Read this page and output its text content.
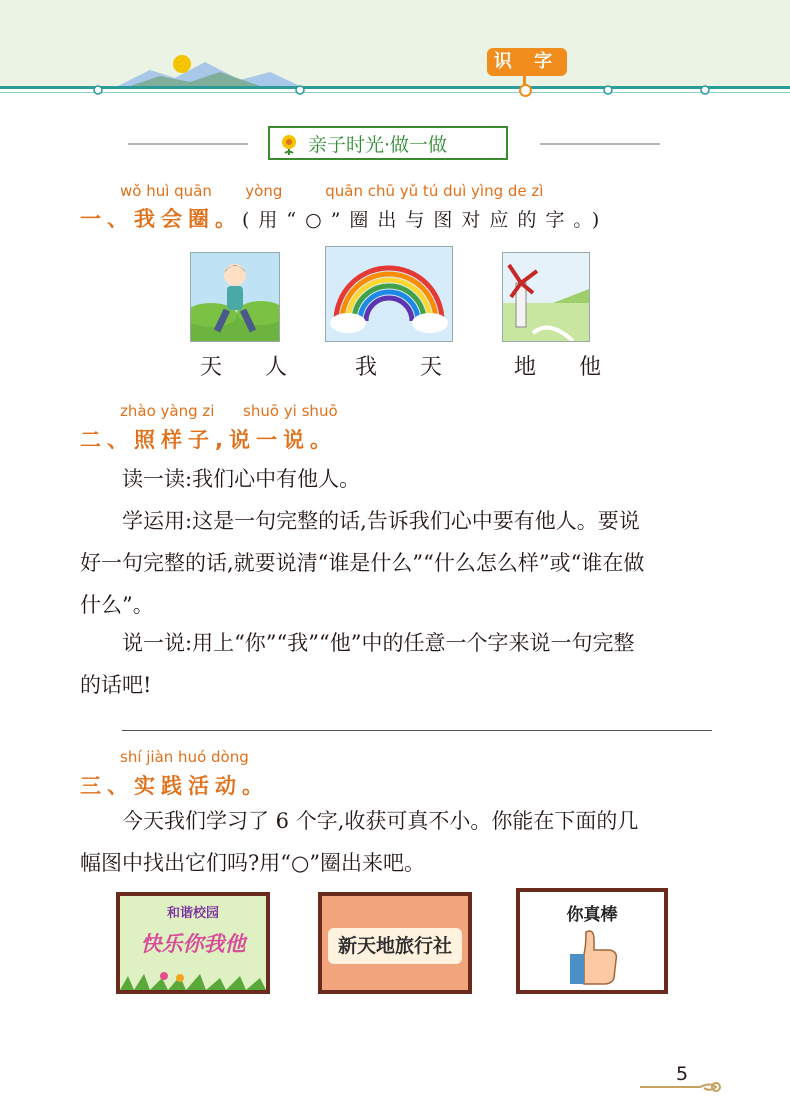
识 字
亲子时光·做一做
wǒ huì quān       yòng         quān chū yǔ tú duì yìng de zì
一、我会圈。(用“○”圈出与图对应的字。)
天 人 我 天 地 他
zhào yàng zi      shuō yi shuō
二、照样子,说一说。
读一读:我们心中有他人。
学运用:这是一句完整的话,告诉我们心中要有他人。要说
好一句完整的话,就要说清“谁是什么”“什么怎么样”或“谁在做
什么”。
说一说:用上“你”“我”“他”中的任意一个字来说一句完整
的话吧!
shí jiàn huó dòng
三、实践活动。
今天我们学习了 6 个字,收获可真不小。你能在下面的几
幅图中找出它们吗?用“○”圈出来吧。
和谐校园
快乐你我他	新天地旅行社
你真棒
5
